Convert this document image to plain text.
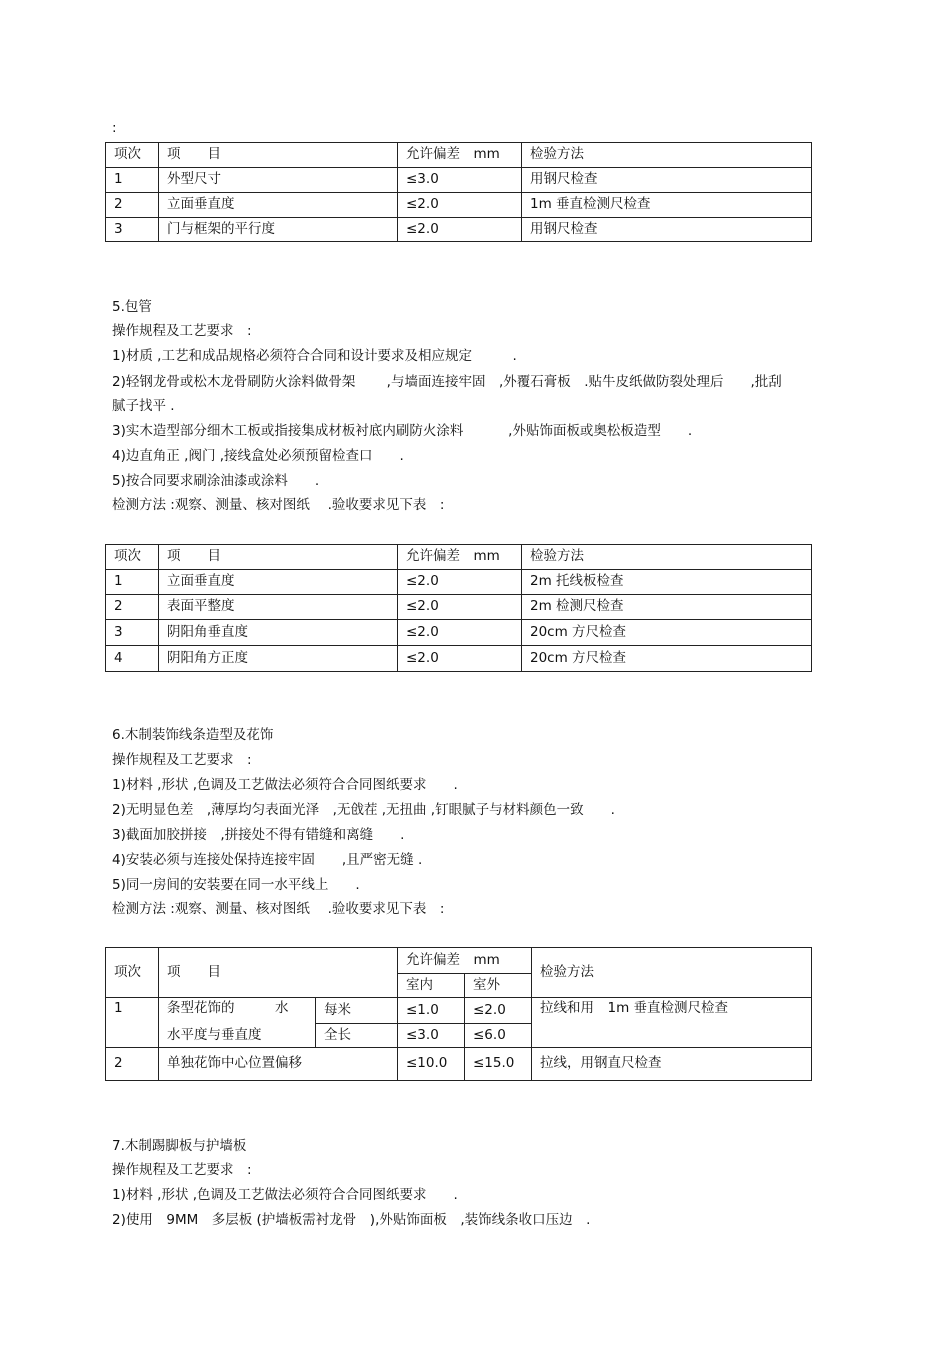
:
项次	项　　目	允许偏差　mm	检验方法
1	外型尺寸	≤3.0	用钢尺检查
2	立面垂直度	≤2.0	1m 垂直检测尺检查
3	门与框架的平行度	≤2.0	用钢尺检查
5.包管
操作规程及工艺要求　:
1)材质 ,工艺和成品规格必须符合合同和设计要求及相应规定　　　.
2)轻钢龙骨或松木龙骨刷防火涂料做骨架　　 ,与墙面连接牢固　,外覆石膏板　.贴牛皮纸做防裂处理后　　,批刮
腻子找平 .
3)实木造型部分细木工板或指接集成材板衬底内刷防火涂料　　　 ,外贴饰面板或奥松板造型　　.
4)边直角正 ,阀门 ,接线盒处必须预留检查口　　.
5)按合同要求刷涂油漆或涂料　　.
检测方法 :观察、测量、核对图纸　 .验收要求见下表　:
项次	项　　目	允许偏差　mm	检验方法
1	立面垂直度	≤2.0	2m 托线板检查
2	表面平整度	≤2.0	2m 检测尺检查
3	阴阳角垂直度	≤2.0	20cm 方尺检查
4	阴阳角方正度	≤2.0	20cm 方尺检查
6.木制装饰线条造型及花饰
操作规程及工艺要求　:
1)材料 ,形状 ,色调及工艺做法必须符合合同图纸要求　　.
2)无明显色差　,薄厚均匀表面光泽　,无戗茬 ,无扭曲 ,钉眼腻子与材料颜色一致　　.
3)截面加胶拼接　,拼接处不得有错缝和离缝　　.
4)安装必须与连接处保持连接牢固　　,且严密无缝 .
5)同一房间的安装要在同一水平线上　　.
检测方法 :观察、测量、核对图纸　 .验收要求见下表　:
项次	项　　目		允许偏差　mm		检验方法
			室内	室外	
1	条型花饰的　　　水	每米	≤1.0	≤2.0	拉线和用　1m 垂直检测尺检查
	水平度与垂直度	全长	≤3.0	≤6.0	
2	单独花饰中心位置偏移		≤10.0	≤15.0	拉线，用钢直尺检查
7.木制踢脚板与护墙板
操作规程及工艺要求　:
1)材料 ,形状 ,色调及工艺做法必须符合合同图纸要求　　.
2)使用　9MM　多层板 (护墙板需衬龙骨　),外贴饰面板　,装饰线条收口压边　.
